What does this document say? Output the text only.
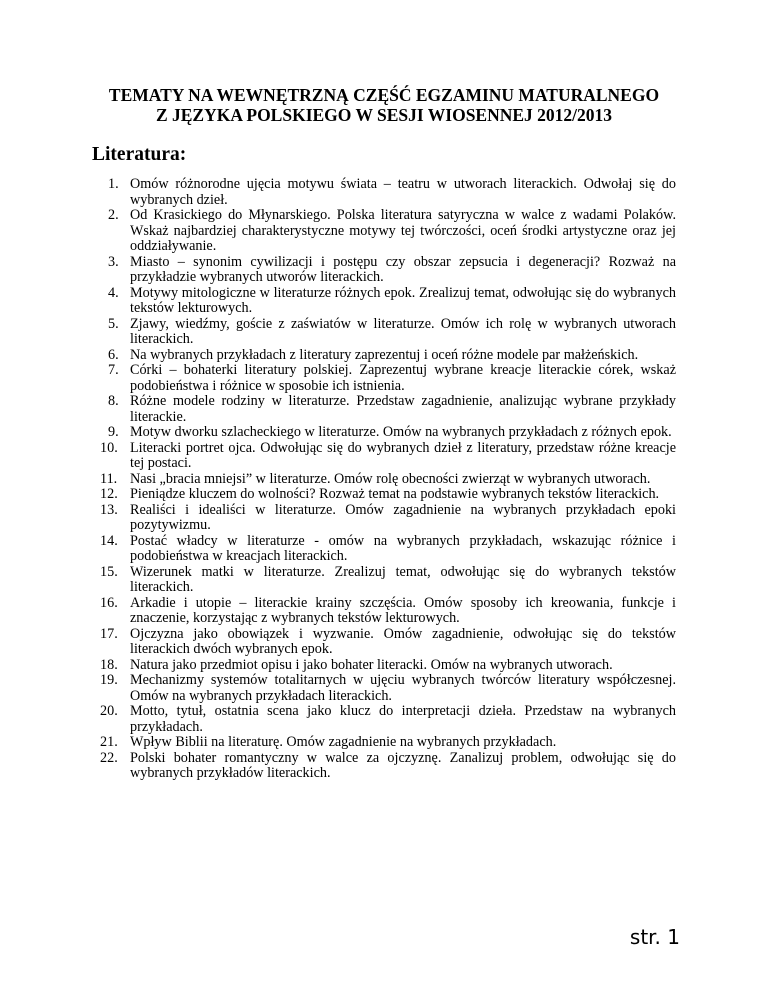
TEMATY NA WEWNĘTRZNĄ CZĘŚĆ EGZAMINU MATURALNEGO
Z JĘZYKA POLSKIEGO W SESJI WIOSENNEJ 2012/2013
Literatura:
1. Omów różnorodne ujęcia motywu świata – teatru w utworach literackich. Odwołaj się do wybranych dzieł.
2. Od Krasickiego do Młynarskiego. Polska literatura satyryczna w walce z wadami Polaków. Wskaż najbardziej charakterystyczne motywy tej twórczości, oceń środki artystyczne oraz jej oddziaływanie.
3. Miasto – synonim cywilizacji i postępu czy obszar zepsucia i degeneracji? Rozważ na przykładzie wybranych utworów literackich.
4. Motywy mitologiczne w literaturze różnych epok. Zrealizuj temat, odwołując się do wybranych tekstów lekturowych.
5. Zjawy, wiedźmy, goście z zaświatów w literaturze. Omów ich rolę w wybranych utworach literackich.
6. Na wybranych przykładach z literatury zaprezentuj i oceń różne modele par małżeńskich.
7. Córki – bohaterki literatury polskiej. Zaprezentuj wybrane kreacje literackie córek, wskaż podobieństwa i różnice w sposobie ich istnienia.
8. Różne modele rodziny w literaturze. Przedstaw zagadnienie, analizując wybrane przykłady literackie.
9. Motyw dworku szlacheckiego w literaturze. Omów na wybranych przykładach z różnych epok.
10. Literacki portret ojca. Odwołując się do wybranych dzieł z literatury, przedstaw różne kreacje tej postaci.
11. Nasi „bracia mniejsi” w literaturze. Omów rolę obecności zwierząt w wybranych utworach.
12. Pieniądze kluczem do wolności? Rozważ temat na podstawie wybranych tekstów literackich.
13. Realiści i idealiści w literaturze. Omów zagadnienie na wybranych przykładach epoki pozytywizmu.
14. Postać władcy w literaturze - omów na wybranych przykładach, wskazując różnice i podobieństwa w kreacjach literackich.
15. Wizerunek matki w literaturze. Zrealizuj temat, odwołując się do wybranych tekstów literackich.
16. Arkadie i utopie – literackie krainy szczęścia. Omów sposoby ich kreowania, funkcje i znaczenie, korzystając z wybranych tekstów lekturowych.
17. Ojczyzna jako obowiązek i wyzwanie. Omów zagadnienie, odwołując się do tekstów literackich dwóch wybranych epok.
18. Natura jako przedmiot opisu i jako bohater literacki. Omów na wybranych utworach.
19. Mechanizmy systemów totalitarnych w ujęciu wybranych twórców literatury współczesnej. Omów na wybranych przykładach literackich.
20. Motto, tytuł, ostatnia scena jako klucz do interpretacji dzieła. Przedstaw na wybranych przykładach.
21. Wpływ Biblii na literaturę. Omów zagadnienie na wybranych przykładach.
22. Polski bohater romantyczny w walce za ojczyznę. Zanalizuj problem, odwołując się do wybranych przykładów literackich.
str. 1
